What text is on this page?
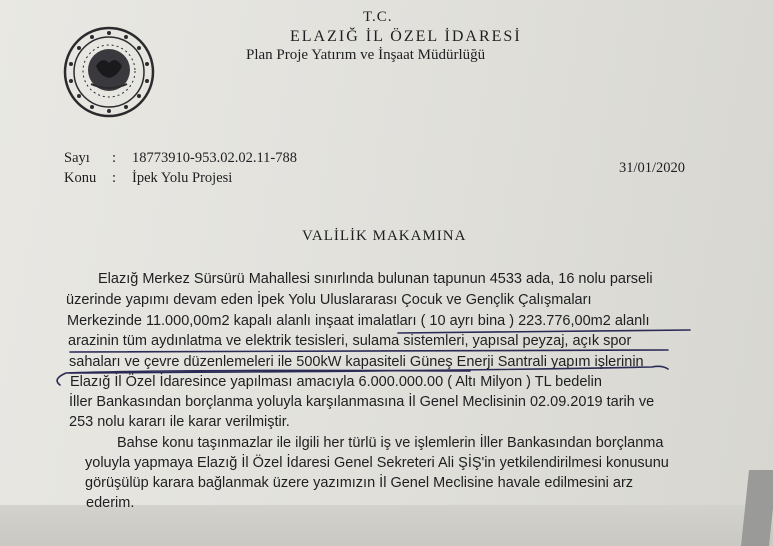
T.C.
ELAZIĞ İL ÖZEL İDARESİ
Plan Proje Yatırım ve İnşaat Müdürlüğü
Sayı : 18773910-953.02.02.11-788
Konu : İpek Yolu Projesi
31/01/2020
VALİLİK MAKAMINA
Elazığ Merkez Sürsürü Mahallesi sınırlında bulunan tapunun 4533 ada, 16 nolu parseli
üzerinde yapımı devam eden İpek Yolu Uluslararası Çocuk ve Gençlik Çalışmaları
Merkezinde 11.000,00m2 kapalı alanlı inşaat imalatları ( 10 ayrı bina ) 223.776,00m2 alanlı
arazinin tüm aydınlatma ve elektrik tesisleri, sulama sistemleri, yapısal peyzaj, açık spor
sahaları ve çevre düzenlemeleri ile 500kW kapasiteli Güneş Enerji Santrali yapım işlerinin
Elazığ İl Özel İdaresince yapılması amacıyla 6.000.000.00 ( Altı Milyon ) TL bedelin
İller Bankasından borçlanma yoluyla karşılanmasına İl Genel Meclisinin 02.09.2019 tarih ve
253 nolu kararı ile karar verilmiştir.
Bahse konu taşınmazlar ile ilgili her türlü iş ve işlemlerin İller Bankasından borçlanma
yoluyla yapmaya Elazığ İl Özel İdaresi Genel Sekreteri Ali ŞİŞ'in yetkilendirilmesi konusunu
görüşülüp karara bağlanmak üzere yazımızın İl Genel Meclisine havale edilmesini arz
ederim.
